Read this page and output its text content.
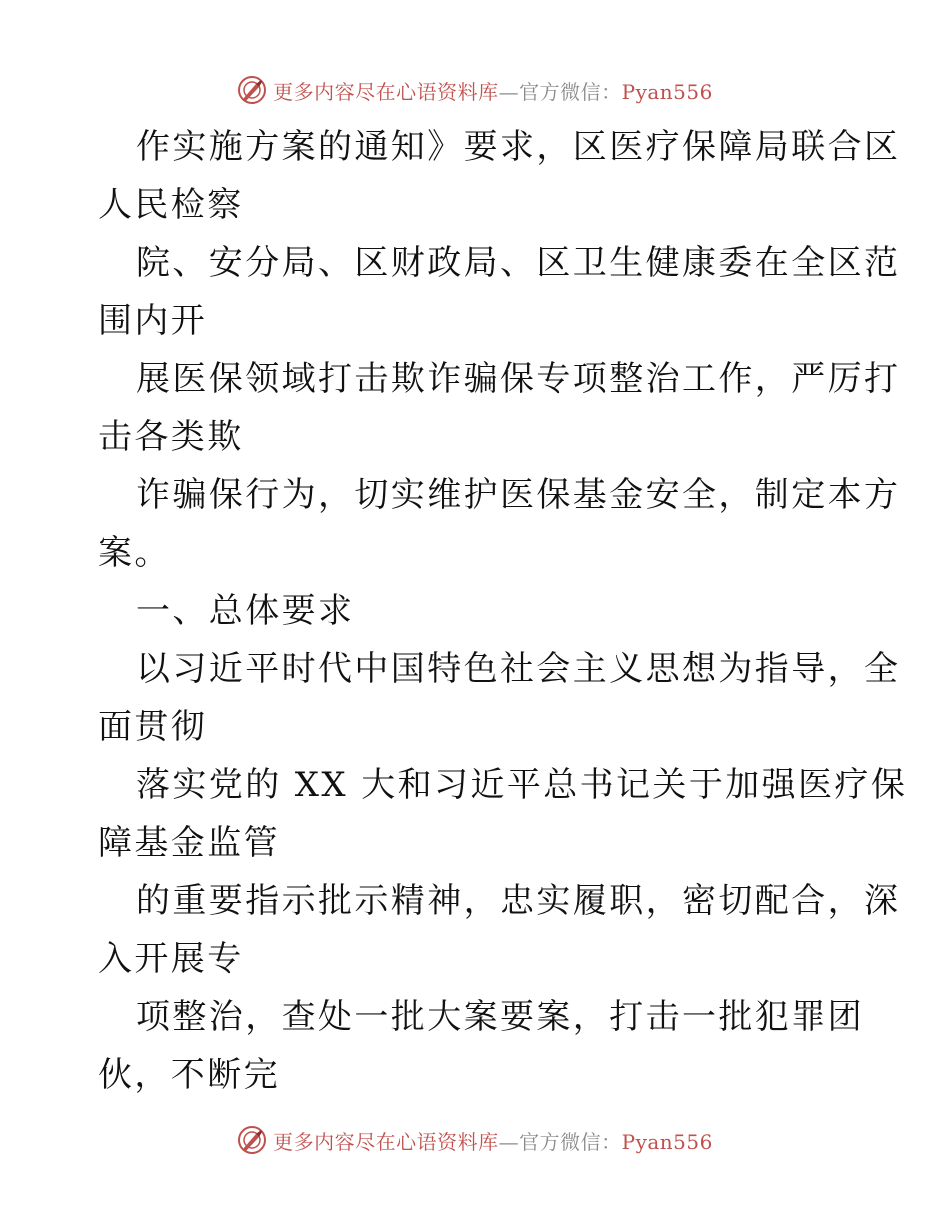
更多内容尽在心语资料库—官方微信：Pyan556

作实施方案的通知》要求，区医疗保障局联合区
人民检察

院、安分局、区财政局、区卫生健康委在全区范
围内开

展医保领域打击欺诈骗保专项整治工作，严厉打
击各类欺

诈骗保行为，切实维护医保基金安全，制定本方
案。

一、总体要求

以习近平时代中国特色社会主义思想为指导，全
面贯彻

落实党的 XX 大和习近平总书记关于加强医疗保
障基金监管

的重要指示批示精神，忠实履职，密切配合，深
入开展专

项整治，查处一批大案要案，打击一批犯罪团
伙，不断完

更多内容尽在心语资料库—官方微信：Pyan556
